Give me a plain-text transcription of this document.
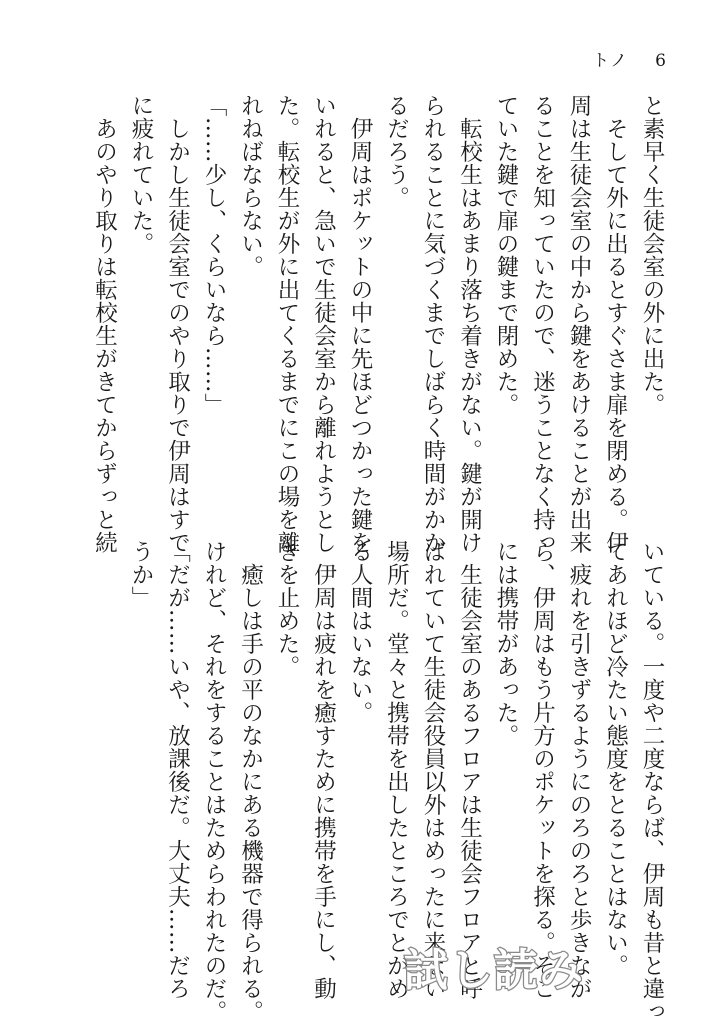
トノ 6
と素早く生徒会室の外に出た。
　そして外に出るとすぐさま扉を閉める。伊
周は生徒会室の中から鍵をあけることが出来
ることを知っていたので、迷うことなく持っ
ていた鍵で扉の鍵まで閉めた。
　転校生はあまり落ち着きがない。鍵が開け
られることに気づくまでしばらく時間がかか
るだろう。
　伊周はポケットの中に先ほどつかった鍵を
いれると、急いで生徒会室から離れようとし
た。転校生が外に出てくるまでにこの場を離
れねばならない。
「……少し、くらいなら……」
　しかし生徒会室でのやり取りで伊周はすで
に疲れていた。
　あのやり取りは転校生がきてからずっと続
いている。一度や二度ならば、伊周も昔と違っ
てあれほど冷たい態度をとることはない。
　疲れを引きずるようにのろのろと歩きなが
ら、伊周はもう片方のポケットを探る。そこ
には携帯があった。
　生徒会室のあるフロアは生徒会フロアと呼
ばれていて生徒会役員以外はめったに来ない
場所だ。堂々と携帯を出したところでとがめ
る人間はいない。
　伊周は疲れを癒すために携帯を手にし、動
きを止めた。
　癒しは手の平のなかにある機器で得られる。
けれど、それをすることはためらわれたのだ。
「だが……いや、放課後だ。大丈夫……だろ
うか」
試し読み
